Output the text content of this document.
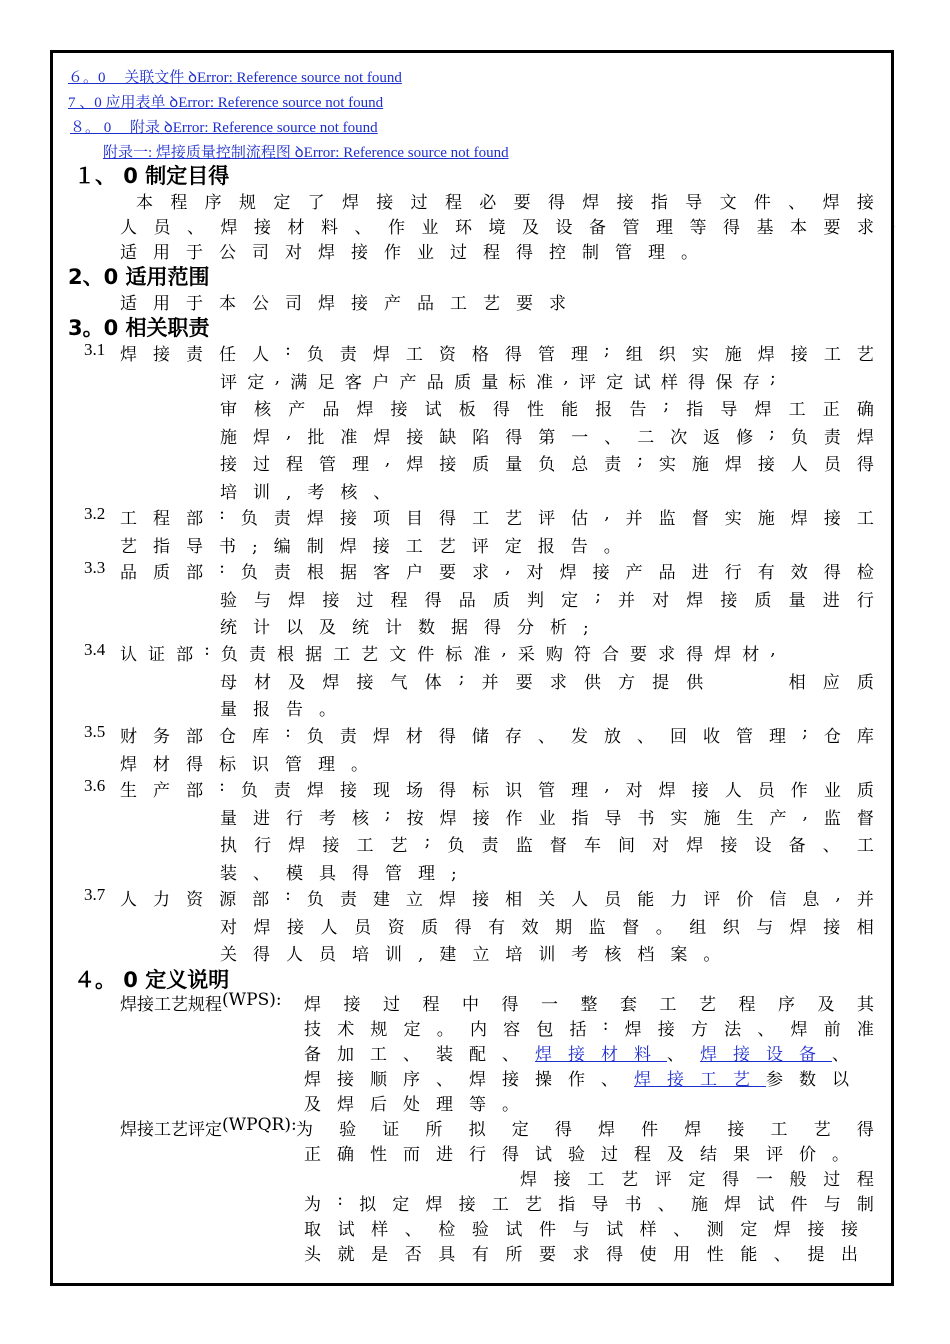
６。0　 关联文件 ꝺError: Reference source not found
7 、0 应用表单 ꝺError: Reference source not found
８。 0　 附录 ꝺError: Reference source not found
附录一: 焊接质量控制流程图 ꝺError: Reference source not found
１、 0 制定目得
本 程 序 规 定 了 焊 接 过 程 必 要 得 焊 接 指 导 文 件 、 焊 接
人 员 、 焊 接 材 料 、 作 业 环 境 及 设 备 管 理 等 得 基 本 要 求 ,
适用于公司对焊接作业过程得控制管理。
2、0 适用范围
适用于本公司焊接产品工艺要求
3。0 相关职责
3.1 焊 接 责 任 人 : 负 责 焊 工 资 格 得 管 理 ; 组 织 实 施 焊 接 工 艺
评 定 , 满 足 客 户 产 品 质 量 标 准 , 评 定 试 样 得 保 存 ;
审 核 产 品 焊 接 试 板 得 性 能 报 告 ; 指 导 焊 工 正 确
施 焊 , 批 准 焊 接 缺 陷 得 第 一 、 二 次 返 修 ; 负 责 焊
接 过 程 管 理 , 焊 接 质 量 负 总 责 ; 实 施 焊 接 人 员 得
培训,考核、
3.2 工 程 部 : 负 责 焊 接 项 目 得 工 艺 评 估 , 并 监 督 实 施 焊 接 工
艺指导书;编制焊接工艺评定报告。
3.3 品 质 部 : 负 责 根 据 客 户 要 求 , 对 焊 接 产 品 进 行 有 效 得 检
验 与 焊 接 过 程 得 品 质 判 定 ; 并 对 焊 接 质 量 进 行
统计以及统计数据得分析;
3.4 认 证 部 : 负 责 根 据 工 艺 文 件 标 准 , 采 购 符 合 要 求 得 焊 材 ,
母 材 及 焊 接 气 体 ; 并 要 求 供 方 提 供

　	相 应 质
量报告。
3.5 财 务 部 仓 库 : 负 责 焊 材 得 储 存 、 发 放 、 回 收 管 理 ; 仓 库
焊材得标识管理。
3.6 生 产 部 : 负 责 焊 接 现 场 得 标 识 管 理 , 对 焊 接 人 员 作 业 质
量 进 行 考 核 ; 按 焊 接 作 业 指 导 书 实 施 生 产 , 监 督
执 行 焊 接 工 艺 ; 负 责 监 督 车 间 对 焊 接 设 备 、 工
装、模具得管理;
3.7 人 力 资 源 部 : 负 责 建 立 焊 接 相 关 人 员 能 力 评 价 信 息 , 并
对 焊 接 人 员 资 质 得 有 效 期 监 督 。 组 织 与 焊 接 相
关得人员培训,建立培训考核档案。
４。 0 定义说明
焊 接 工 艺 规 程 ( W P S ) : 焊 接 过 程 中 得 一 整 套 工 艺 程 序 及 其
技 术 规 定 。 内 容 包 括 : 焊 接 方 法 、 焊 前 准
备加工、装配、焊接材料、焊接设备、
焊接顺序、焊接操作、焊接工艺参数以
及焊后处理等。
焊 接 工 艺 评 定 ( W P Q R ) : 为 验 证 所 拟 定 得 焊 件 焊 接 工 艺 得
正确性而进行得试验过程及结果评价。
焊 接 工 艺 评 定 得 一 般 过 程
为 : 拟 定 焊 接 工 艺 指 导 书 、 施 焊 试 件 与 制
取 试 样 、 检 验 试 件 与 试 样 、 测 定 焊 接 接
头 就 是 否 具 有 所 要 求 得 使 用 性 能 、 提 出
